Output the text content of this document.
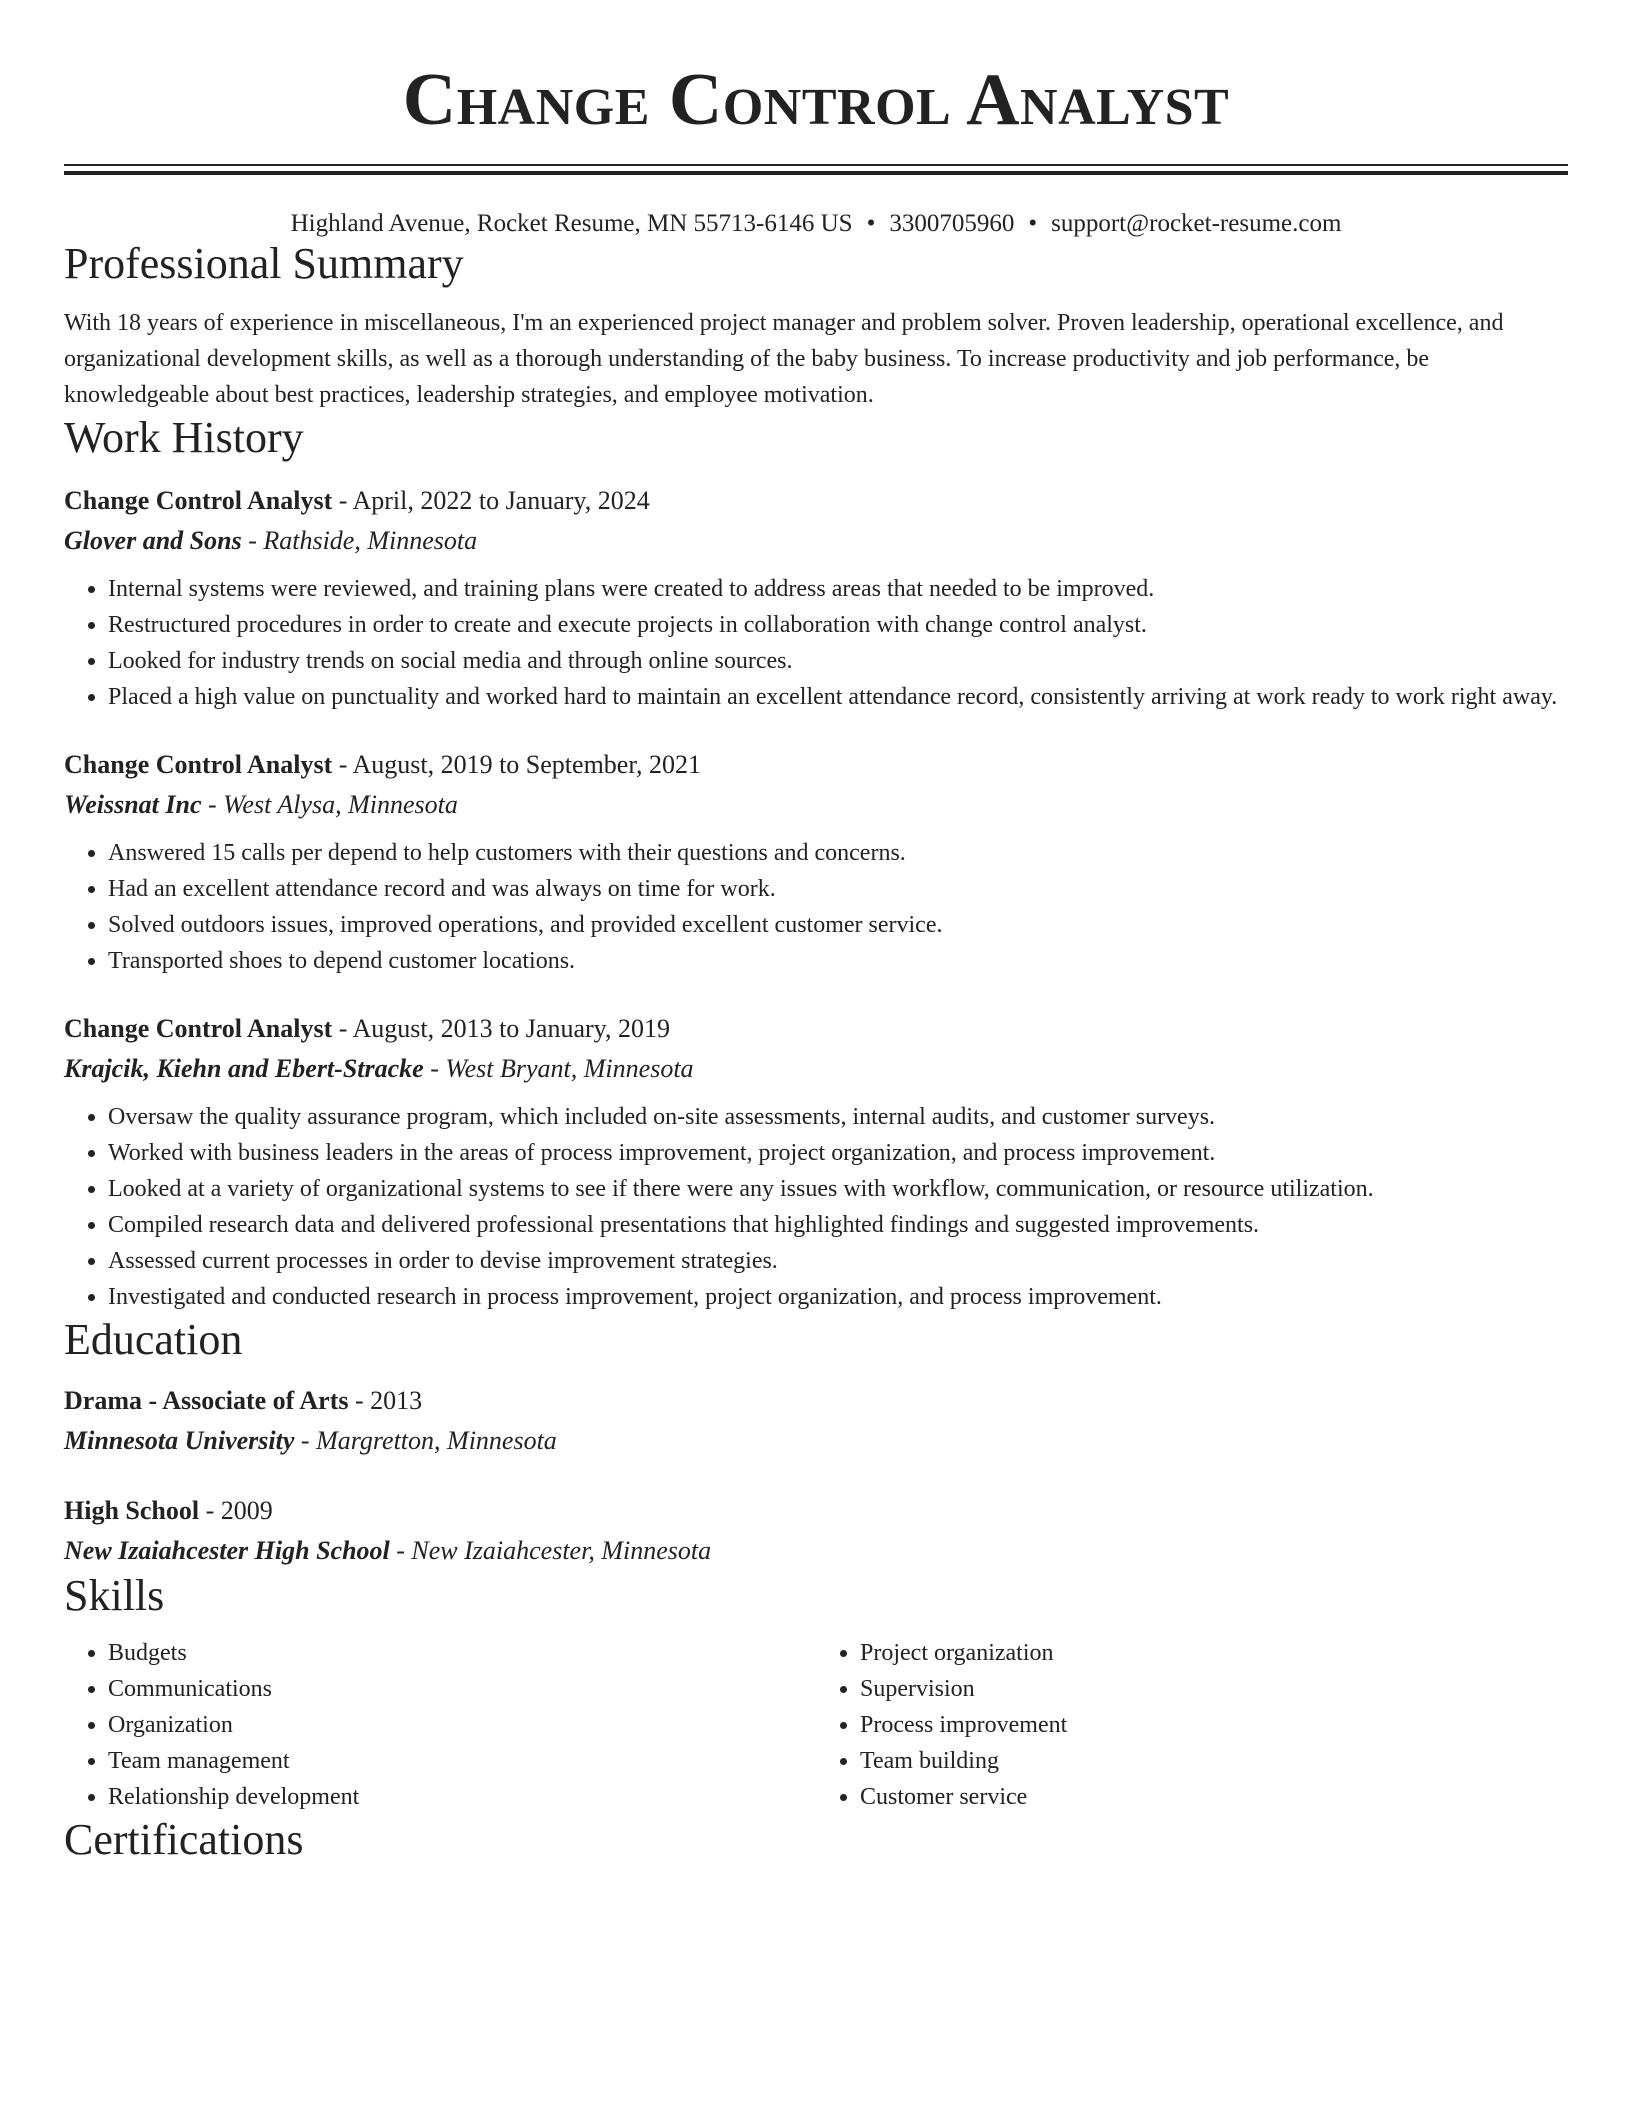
Change Control Analyst
Highland Avenue, Rocket Resume, MN 55713-6146 US • 3300705960 • support@rocket-resume.com
Professional Summary
With 18 years of experience in miscellaneous, I'm an experienced project manager and problem solver. Proven leadership, operational excellence, and organizational development skills, as well as a thorough understanding of the baby business. To increase productivity and job performance, be knowledgeable about best practices, leadership strategies, and employee motivation.
Work History
Change Control Analyst - April, 2022 to January, 2024
Glover and Sons - Rathside, Minnesota
• Internal systems were reviewed, and training plans were created to address areas that needed to be improved.
• Restructured procedures in order to create and execute projects in collaboration with change control analyst.
• Looked for industry trends on social media and through online sources.
• Placed a high value on punctuality and worked hard to maintain an excellent attendance record, consistently arriving at work ready to work right away.
Change Control Analyst - August, 2019 to September, 2021
Weissnat Inc - West Alysa, Minnesota
• Answered 15 calls per depend to help customers with their questions and concerns.
• Had an excellent attendance record and was always on time for work.
• Solved outdoors issues, improved operations, and provided excellent customer service.
• Transported shoes to depend customer locations.
Change Control Analyst - August, 2013 to January, 2019
Krajcik, Kiehn and Ebert-Stracke - West Bryant, Minnesota
• Oversaw the quality assurance program, which included on-site assessments, internal audits, and customer surveys.
• Worked with business leaders in the areas of process improvement, project organization, and process improvement.
• Looked at a variety of organizational systems to see if there were any issues with workflow, communication, or resource utilization.
• Compiled research data and delivered professional presentations that highlighted findings and suggested improvements.
• Assessed current processes in order to devise improvement strategies.
• Investigated and conducted research in process improvement, project organization, and process improvement.
Education
Drama - Associate of Arts - 2013
Minnesota University - Margretton, Minnesota
High School - 2009
New Izaiahcester High School - New Izaiahcester, Minnesota
Skills
• Budgets
• Communications
• Organization
• Team management
• Relationship development
• Project organization
• Supervision
• Process improvement
• Team building
• Customer service
Certifications
